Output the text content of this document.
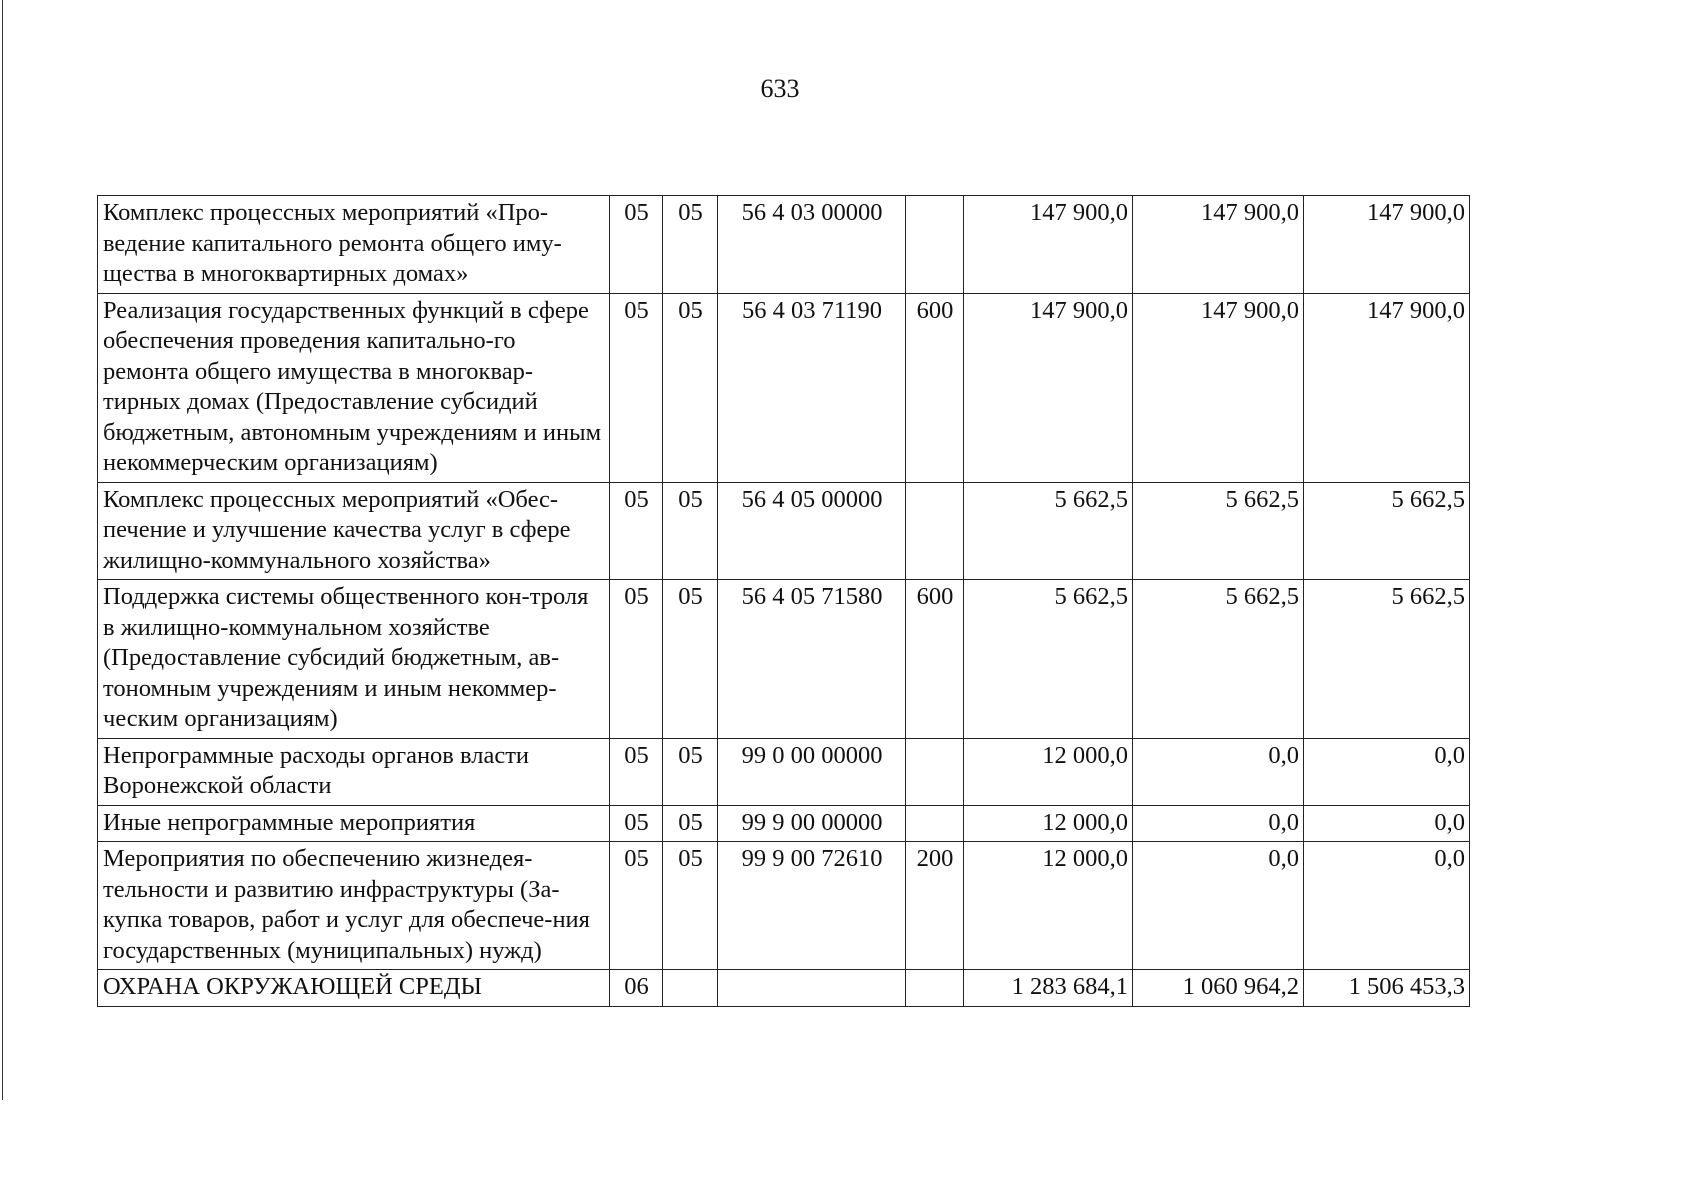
633
Комплекс процессных мероприятий «Про-ведение капитального ремонта общего иму-щества в многоквартирных домах»	05	05	56 4 03 00000		147 900,0	147 900,0	147 900,0
Реализация государственных функций в сфере обеспечения проведения капитально-го ремонта общего имущества в многоквар-тирных домах (Предоставление субсидий бюджетным, автономным учреждениям и иным некоммерческим организациям)	05	05	56 4 03 71190	600	147 900,0	147 900,0	147 900,0
Комплекс процессных мероприятий «Обес-печение и улучшение качества услуг в сфере жилищно-коммунального хозяйства»	05	05	56 4 05 00000		5 662,5	5 662,5	5 662,5
Поддержка системы общественного кон-троля в жилищно-коммунальном хозяйстве (Предоставление субсидий бюджетным, ав-тономным учреждениям и иным некоммер-ческим организациям)	05	05	56 4 05 71580	600	5 662,5	5 662,5	5 662,5
Непрограммные расходы органов власти Воронежской области	05	05	99 0 00 00000		12 000,0	0,0	0,0
Иные непрограммные мероприятия	05	05	99 9 00 00000		12 000,0	0,0	0,0
Мероприятия по обеспечению жизнедея-тельности и развитию инфраструктуры (За-купка товаров, работ и услуг для обеспече-ния государственных (муниципальных) нужд)	05	05	99 9 00 72610	200	12 000,0	0,0	0,0
ОХРАНА ОКРУЖАЮЩЕЙ СРЕДЫ	06				1 283 684,1	1 060 964,2	1 506 453,3
